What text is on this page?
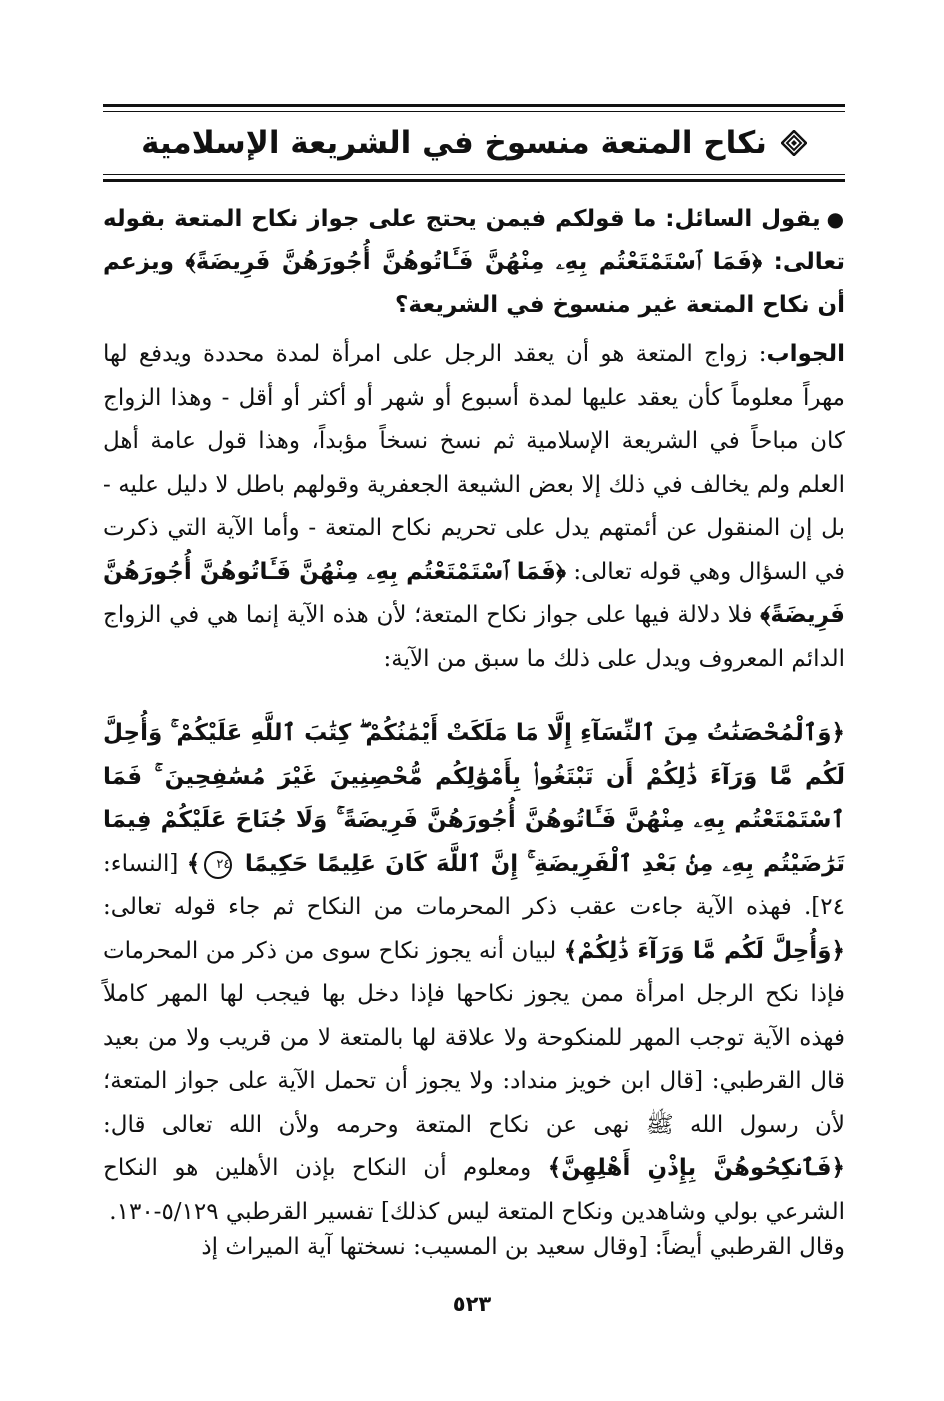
نكاح المتعة منسوخ في الشريعة الإسلامية
●يقول السائل: ما قولكم فيمن يحتج على جواز نكاح المتعة بقوله تعالى: ﴿فَمَا ٱسْتَمْتَعْتُم بِهِۦ مِنْهُنَّ فَـَٔاتُوهُنَّ أُجُورَهُنَّ فَرِيضَةً﴾ ويزعم أن نكاح المتعة غير منسوخ في الشريعة؟
الجواب: زواج المتعة هو أن يعقد الرجل على امرأة لمدة محددة ويدفع لها مهراً معلوماً كأن يعقد عليها لمدة أسبوع أو شهر أو أكثر أو أقل - وهذا الزواج كان مباحاً في الشريعة الإسلامية ثم نسخ نسخاً مؤبداً، وهذا قول عامة أهل العلم ولم يخالف في ذلك إلا بعض الشيعة الجعفرية وقولهم باطل لا دليل عليه - بل إن المنقول عن أئمتهم يدل على تحريم نكاح المتعة - وأما الآية التي ذكرت في السؤال وهي قوله تعالى: ﴿فَمَا ٱسْتَمْتَعْتُم بِهِۦ مِنْهُنَّ فَـَٔاتُوهُنَّ أُجُورَهُنَّ فَرِيضَةً﴾ فلا دلالة فيها على جواز نكاح المتعة؛ لأن هذه الآية إنما هي في الزواج الدائم المعروف ويدل على ذلك ما سبق من الآية:
﴿وَٱلْمُحْصَنَٰتُ مِنَ ٱلنِّسَآءِ إِلَّا مَا مَلَكَتْ أَيْمَٰنُكُمْ ۖ كِتَٰبَ ٱللَّهِ عَلَيْكُمْ ۚ وَأُحِلَّ لَكُم مَّا وَرَآءَ ذَٰلِكُمْ أَن تَبْتَغُوا۟ بِأَمْوَٰلِكُم مُّحْصِنِينَ غَيْرَ مُسَٰفِحِينَ ۚ فَمَا ٱسْتَمْتَعْتُم بِهِۦ مِنْهُنَّ فَـَٔاتُوهُنَّ أُجُورَهُنَّ فَرِيضَةً ۚ وَلَا جُنَاحَ عَلَيْكُمْ فِيمَا تَرَٰضَيْتُم بِهِۦ مِنۢ بَعْدِ ٱلْفَرِيضَةِ ۚ إِنَّ ٱللَّهَ كَانَ عَلِيمًا حَكِيمًا ٢٤﴾ [النساء: ٢٤]. فهذه الآية جاءت عقب ذكر المحرمات من النكاح ثم جاء قوله تعالى: ﴿وَأُحِلَّ لَكُم مَّا وَرَآءَ ذَٰلِكُمْ﴾ لبيان أنه يجوز نكاح سوى من ذكر من المحرمات فإذا نكح الرجل امرأة ممن يجوز نكاحها فإذا دخل بها فيجب لها المهر كاملاً فهذه الآية توجب المهر للمنكوحة ولا علاقة لها بالمتعة لا من قريب ولا من بعيد قال القرطبي: [قال ابن خويز منداد: ولا يجوز أن تحمل الآية على جواز المتعة؛ لأن رسول الله ﷺ نهى عن نكاح المتعة وحرمه ولأن الله تعالى قال: ﴿فَٱنكِحُوهُنَّ بِإِذْنِ أَهْلِهِنَّ﴾ ومعلوم أن النكاح بإذن الأهلين هو النكاح الشرعي بولي وشاهدين ونكاح المتعة ليس كذلك] تفسير القرطبي ٥/١٢٩-١٣٠.
وقال القرطبي أيضاً: [وقال سعيد بن المسيب: نسختها آية الميراث إذ
٥٢٣
